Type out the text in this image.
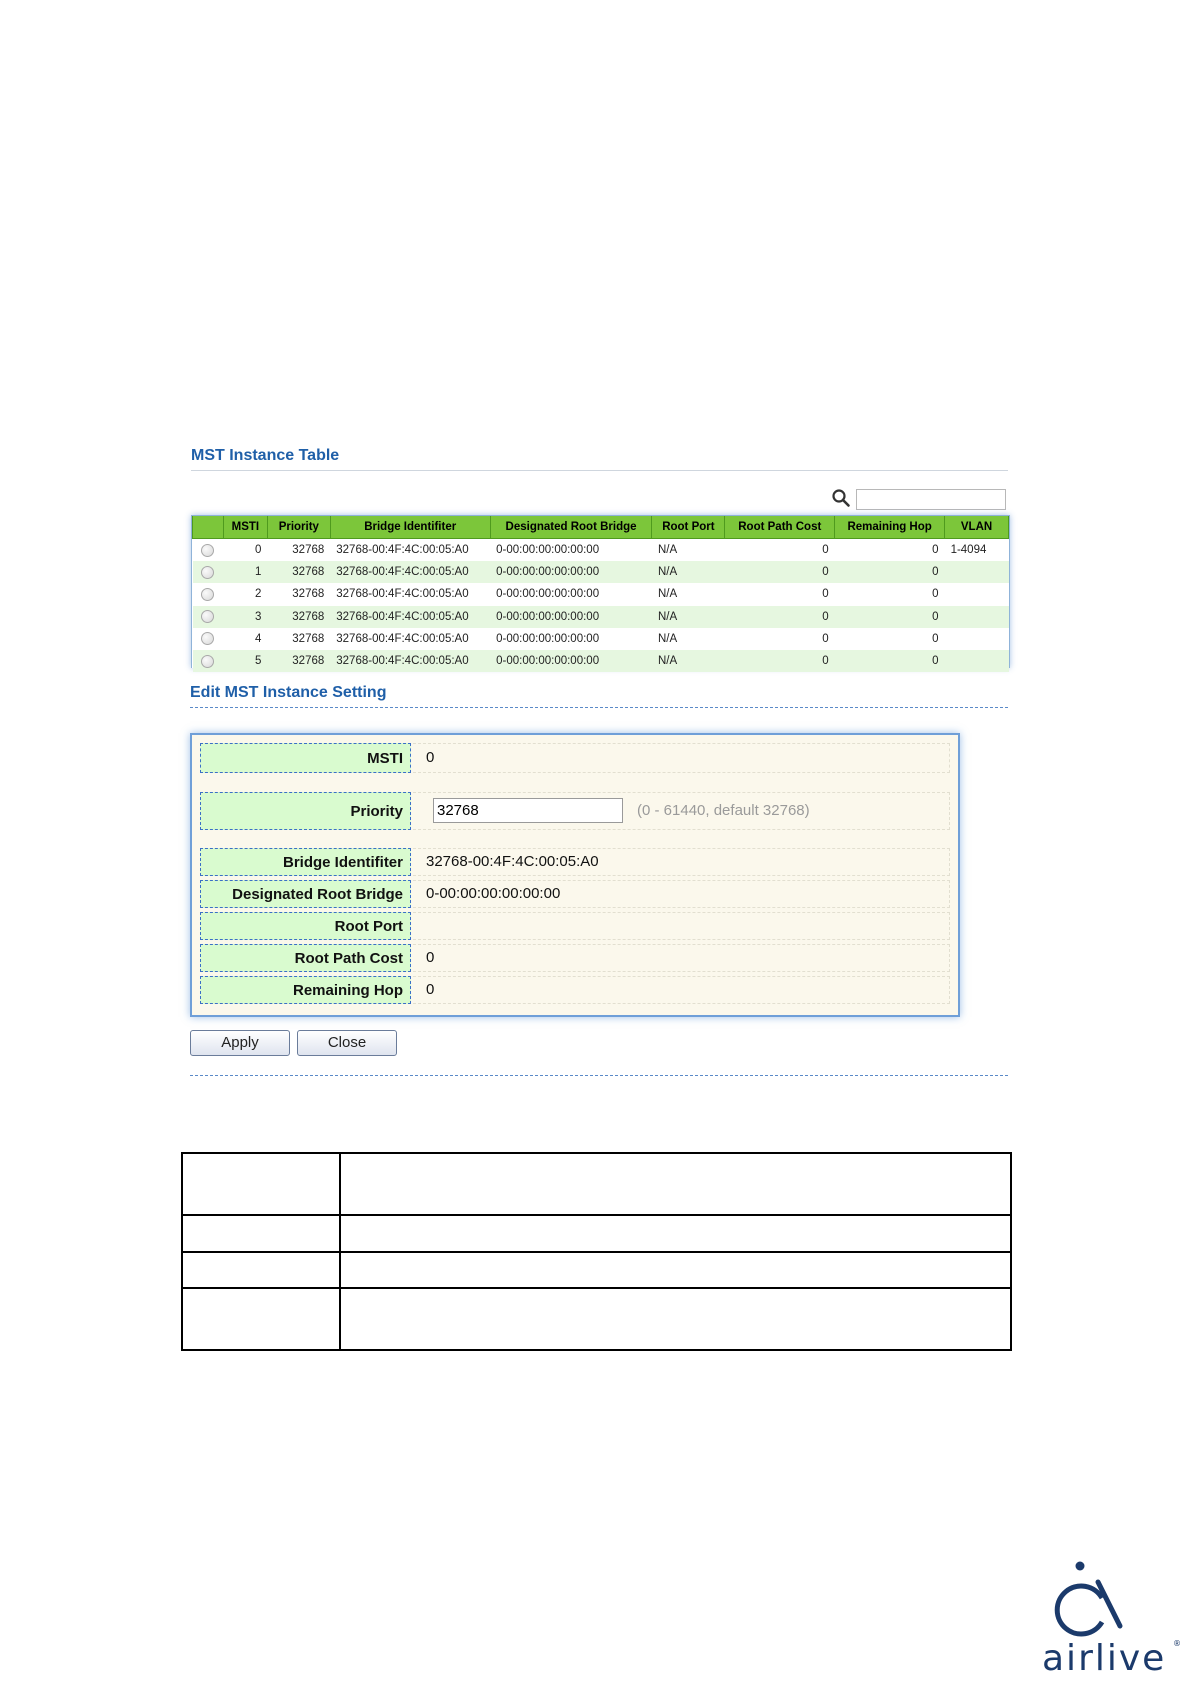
MST Instance Table
	MSTI	Priority	Bridge Identifiter	Designated Root Bridge	Root Port	Root Path Cost	Remaining Hop	VLAN
	0	32768	32768-00:4F:4C:00:05:A0	0-00:00:00:00:00:00	N/A	0	0	1-4094
	1	32768	32768-00:4F:4C:00:05:A0	0-00:00:00:00:00:00	N/A	0	0	
	2	32768	32768-00:4F:4C:00:05:A0	0-00:00:00:00:00:00	N/A	0	0	
	3	32768	32768-00:4F:4C:00:05:A0	0-00:00:00:00:00:00	N/A	0	0	
	4	32768	32768-00:4F:4C:00:05:A0	0-00:00:00:00:00:00	N/A	0	0	
	5	32768	32768-00:4F:4C:00:05:A0	0-00:00:00:00:00:00	N/A	0	0	
Edit MST Instance Setting
MSTI	0
Priority
32768	(0 - 61440, default 32768)
Bridge Identifiter	32768-00:4F:4C:00:05:A0
Designated Root Bridge	0-00:00:00:00:00:00
Root Port
Root Path Cost	0
Remaining Hop	0
Apply	Close

airlive ®
